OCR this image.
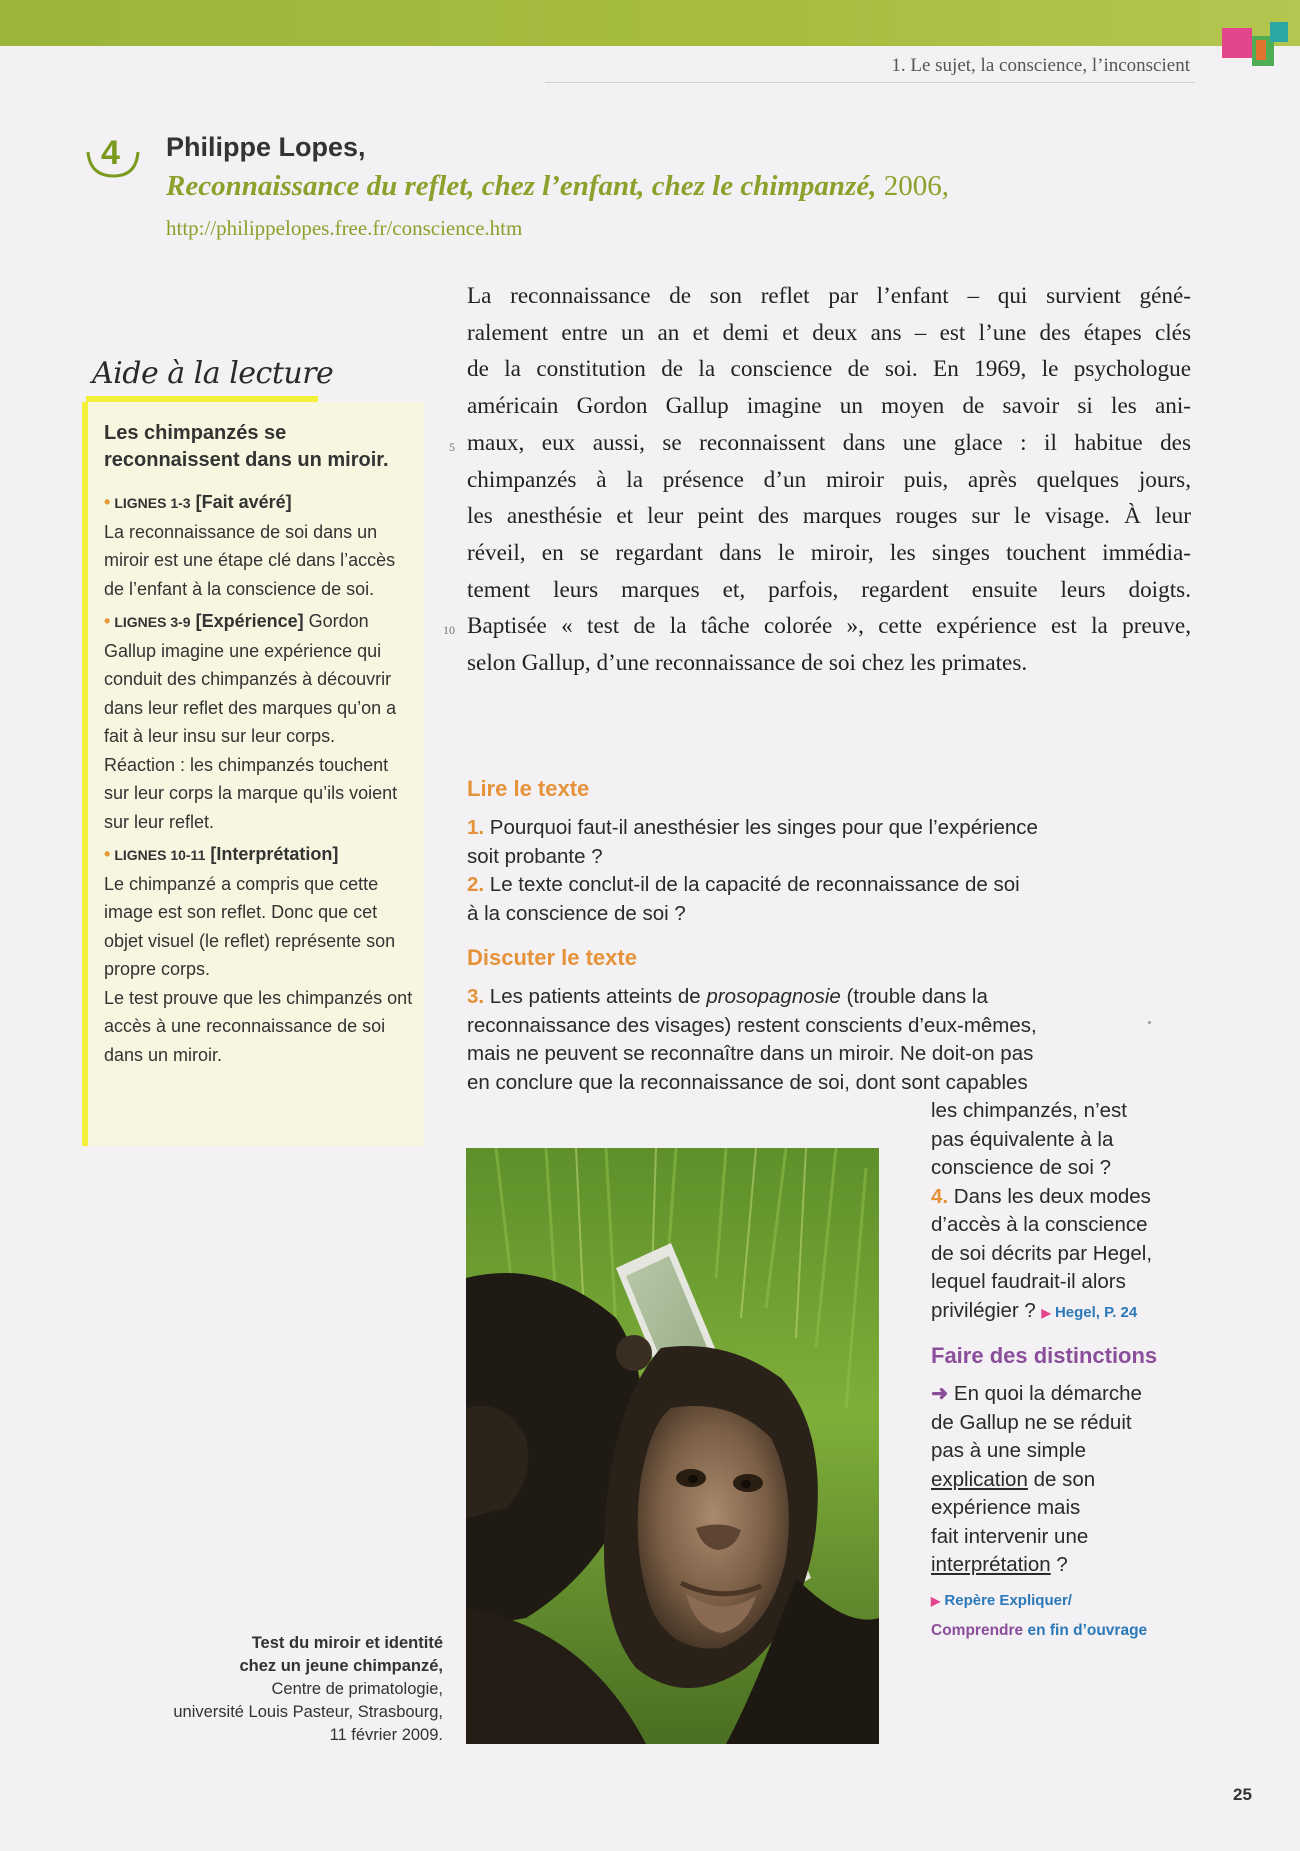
1. Le sujet, la conscience, l’inconscient
4 Philippe Lopes,
Reconnaissance du reflet, chez l’enfant, chez le chimpanzé, 2006,
http://philippelopes.free.fr/conscience.htm
Aide à la lecture
Les chimpanzés se reconnaissent dans un miroir.
• LIGNES 1-3 [Fait avéré]
La reconnaissance de soi dans un miroir est une étape clé dans l’accès de l’enfant à la conscience de soi.
• LIGNES 3-9 [Expérience] Gordon Gallup imagine une expérience qui conduit des chimpanzés à découvrir dans leur reflet des marques qu’on a fait à leur insu sur leur corps.
Réaction : les chimpanzés touchent sur leur corps la marque qu’ils voient sur leur reflet.
• LIGNES 10-11 [Interprétation]
Le chimpanzé a compris que cette image est son reflet. Donc que cet objet visuel (le reflet) représente son propre corps.
Le test prouve que les chimpanzés ont accès à une reconnaissance de soi dans un miroir.
La reconnaissance de son reflet par l’enfant – qui survient géné-
ralement entre un an et demi et deux ans – est l’une des étapes clés
de la constitution de la conscience de soi. En 1969, le psychologue
américain Gordon Gallup imagine un moyen de savoir si les ani-
maux, eux aussi, se reconnaissent dans une glace : il habitue des
chimpanzés à la présence d’un miroir puis, après quelques jours,
les anesthésie et leur peint des marques rouges sur le visage. À leur
réveil, en se regardant dans le miroir, les singes touchent immédia-
tement leurs marques et, parfois, regardent ensuite leurs doigts.
Baptisée « test de la tâche colorée », cette expérience est la preuve,
selon Gallup, d’une reconnaissance de soi chez les primates.
5
10
Lire le texte
1. Pourquoi faut-il anesthésier les singes pour que l’expérience
soit probante ?
2. Le texte conclut-il de la capacité de reconnaissance de soi
à la conscience de soi ?
Discuter le texte
3. Les patients atteints de prosopagnosie (trouble dans la
reconnaissance des visages) restent conscients d’eux-mêmes,
mais ne peuvent se reconnaître dans un miroir. Ne doit-on pas
en conclure que la reconnaissance de soi, dont sont capables
les chimpanzés, n’est
pas équivalente à la
conscience de soi ?
4. Dans les deux modes
d’accès à la conscience
de soi décrits par Hegel,
lequel faudrait-il alors
privilégier ? ▶ Hegel, P. 24
Faire des distinctions
➜ En quoi la démarche
de Gallup ne se réduit
pas à une simple
explication de son
expérience mais
fait intervenir une
interprétation ?
▶ Repère Expliquer/
Comprendre en fin d’ouvrage
Test du miroir et identité
chez un jeune chimpanzé,
Centre de primatologie,
université Louis Pasteur, Strasbourg,
11 février 2009.
25
